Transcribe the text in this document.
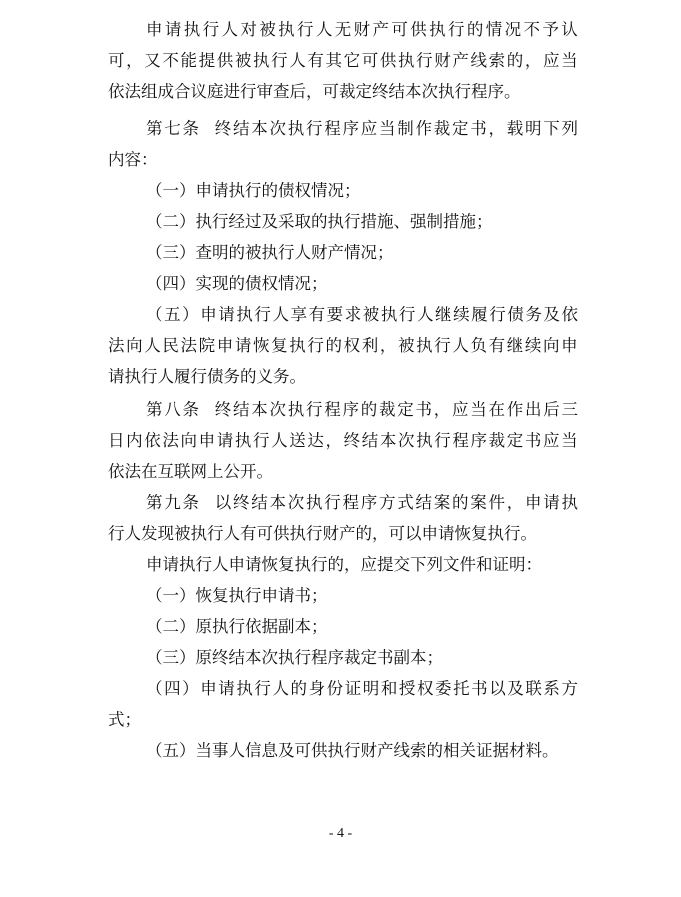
申 请 执 行 人 对 被 执 行 人 无 财 产 可 供 执 行 的 情 况 不 予 认
可 ， 又 不 能 提 供 被 执 行 人 有 其 它 可 供 执 行 财 产 线 索 的 ， 应 当
依法组成合议庭进行审查后，可裁定终结本次执行程序。
第 七 条

终 结 本 次 执 行 程 序 应 当 制 作 裁 定 书 ， 载 明 下 列
内容：
（一）申请执行的债权情况；
（二）执行经过及采取的执行措施、强制措施；
（三）查明的被执行人财产情况；
（四）实现的债权情况；
（ 五 ） 申 请 执 行 人 享 有 要 求 被 执 行 人 继 续 履 行 债 务 及 依
法 向 人 民 法 院 申 请 恢 复 执 行 的 权 利 ， 被 执 行 人 负 有 继 续 向 申
请执行人履行债务的义务。
第 八 条

终 结 本 次 执 行 程 序 的 裁 定 书 ， 应 当 在 作 出 后 三
日 内 依 法 向 申 请 执 行 人 送 达 ， 终 结 本 次 执 行 程 序 裁 定 书 应 当
依法在互联网上公开。
第 九 条

以 终 结 本 次 执 行 程 序 方 式 结 案 的 案 件 ， 申 请 执
行人发现被执行人有可供执行财产的，可以申请恢复执行。
申请执行人申请恢复执行的，应提交下列文件和证明：
（一）恢复执行申请书；
（二）原执行依据副本；
（三）原终结本次执行程序裁定书副本；
（ 四 ） 申 请 执 行 人 的 身 份 证 明 和 授 权 委 托 书 以 及 联 系 方
式；
（五）当事人信息及可供执行财产线索的相关证据材料。
- 4 -
